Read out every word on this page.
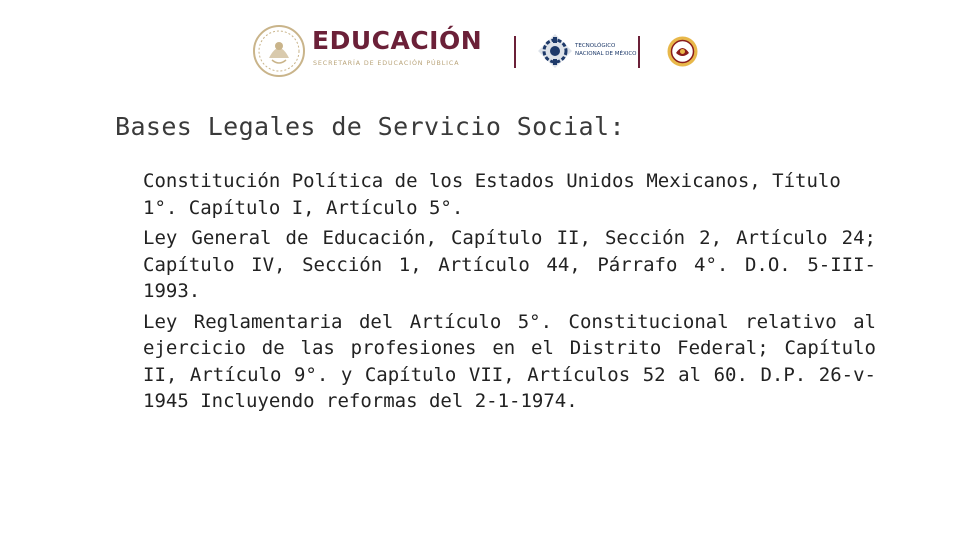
EDUCACIÓN
SECRETARÍA DE EDUCACIÓN PÚBLICA
TECNOLÓGICO
NACIONAL DE MÉXICO
Bases Legales de Servicio Social:

Constitución Política de los Estados Unidos Mexicanos, Título 1°. Capítulo I, Artículo 5°.

Ley General de Educación, Capítulo II, Sección 2, Artículo 24; Capítulo IV, Sección 1, Artículo 44, Párrafo 4°. D.O. 5-III-1993.

Ley Reglamentaria del Artículo 5°. Constitucional relativo al ejercicio de las profesiones en el Distrito Federal; Capítulo II, Artículo 9°. y Capítulo VII, Artículos 52 al 60. D.P. 26-v-1945 Incluyendo reformas del 2-1-1974.
